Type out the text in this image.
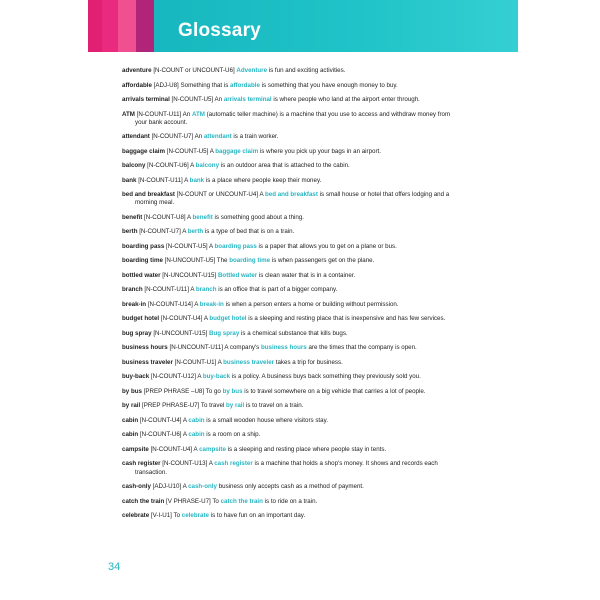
Glossary
adventure [N-COUNT or UNCOUNT-U6] Adventure is fun and exciting activities.
affordable [ADJ-U8] Something that is affordable is something that you have enough money to buy.
arrivals terminal [N-COUNT-U5] An arrivals terminal is where people who land at the airport enter through.
ATM [N-COUNT-U11] An ATM (automatic teller machine) is a machine that you use to access and withdraw money from
your bank account.
attendant [N-COUNT-U7] An attendant is a train worker.
baggage claim [N-COUNT-U5] A baggage claim is where you pick up your bags in an airport.
balcony [N-COUNT-U6] A balcony is an outdoor area that is attached to the cabin.
bank [N-COUNT-U11] A bank is a place where people keep their money.
bed and breakfast [N-COUNT or UNCOUNT-U4] A bed and breakfast is small house or hotel that offers lodging and a
morning meal.
benefit [N-COUNT-U8] A benefit is something good about a thing.
berth [N-COUNT-U7] A berth is a type of bed that is on a train.
boarding pass [N-COUNT-U5] A boarding pass is a paper that allows you to get on a plane or bus.
boarding time [N-UNCOUNT-U5] The boarding time is when passengers get on the plane.
bottled water [N-UNCOUNT-U15] Bottled water is clean water that is in a container.
branch [N-COUNT-U11] A branch is an office that is part of a bigger company.
break-in [N-COUNT-U14] A break-in is when a person enters a home or building without permission.
budget hotel [N-COUNT-U4] A budget hotel is a sleeping and resting place that is inexpensive and has few services.
bug spray [N-UNCOUNT-U15] Bug spray is a chemical substance that kills bugs.
business hours [N-UNCOUNT-U11] A company's business hours are the times that the company is open.
business traveler [N-COUNT-U1] A business traveler takes a trip for business.
buy-back [N-COUNT-U12] A buy-back is a policy. A business buys back something they previously sold you.
by bus [PREP PHRASE –U8] To go by bus is to travel somewhere on a big vehicle that carries a lot of people.
by rail [PREP PHRASE-U7] To travel by rail is to travel on a train.
cabin [N-COUNT-U4] A cabin is a small wooden house where visitors stay.
cabin [N-COUNT-U6] A cabin is a room on a ship.
campsite [N-COUNT-U4] A campsite is a sleeping and resting place where people stay in tents.
cash register [N-COUNT-U13] A cash register is a machine that holds a shop's money. It shows and records each
transaction.
cash-only [ADJ-U10] A cash-only business only accepts cash as a method of payment.
catch the train [V PHRASE-U7] To catch the train is to ride on a train.
celebrate [V-I-U1] To celebrate is to have fun on an important day.
34
